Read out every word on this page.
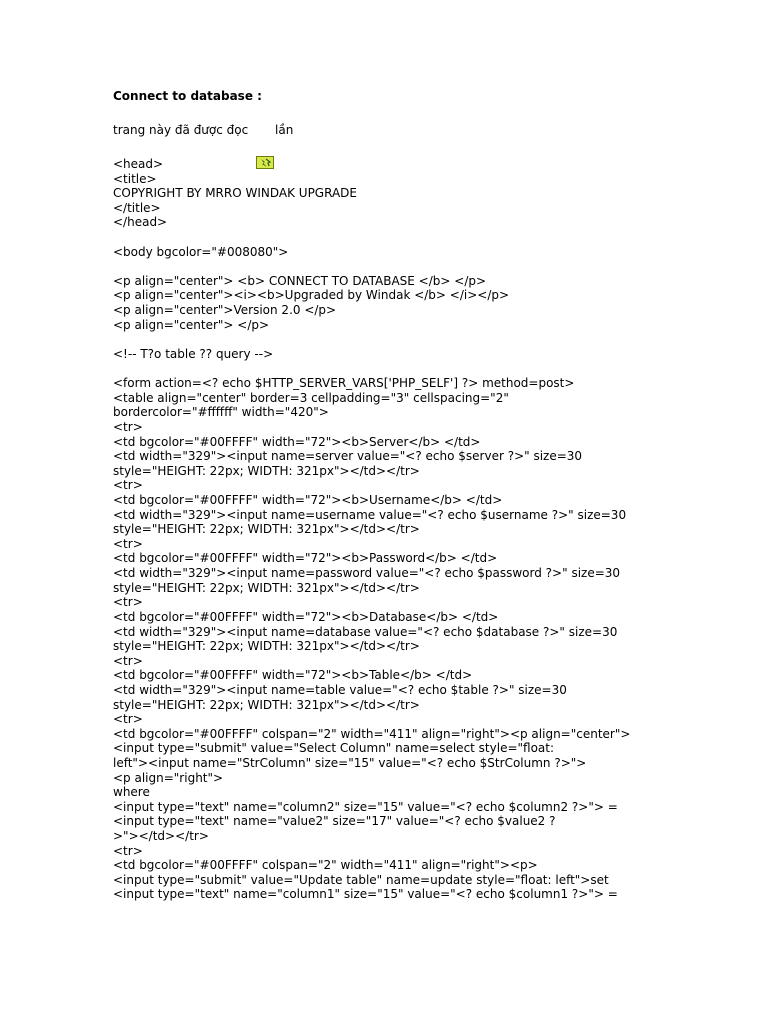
Connect to database :
trang này đã được đọc

lần
<head>
<title>
COPYRIGHT BY MRRO WINDAK UPGRADE
</title>
</head>
<body bgcolor="#008080">
<p align="center"> <b> CONNECT TO DATABASE </b> </p>
<p align="center"><i><b>Upgraded by Windak </b> </i></p>
<p align="center">Version 2.0 </p>
<p align="center"> </p>
<!-- T?o table ?? query -->
<form action=<? echo $HTTP_SERVER_VARS['PHP_SELF'] ?> method=post>
<table align="center" border=3 cellpadding="3" cellspacing="2"
bordercolor="#ffffff" width="420">
<tr>
<td bgcolor="#00FFFF" width="72"><b>Server</b> </td>
<td width="329"><input name=server value="<? echo $server ?>" size=30
style="HEIGHT: 22px; WIDTH: 321px"></td></tr>
<tr>
<td bgcolor="#00FFFF" width="72"><b>Username</b> </td>
<td width="329"><input name=username value="<? echo $username ?>" size=30
style="HEIGHT: 22px; WIDTH: 321px"></td></tr>
<tr>
<td bgcolor="#00FFFF" width="72"><b>Password</b> </td>
<td width="329"><input name=password value="<? echo $password ?>" size=30
style="HEIGHT: 22px; WIDTH: 321px"></td></tr>
<tr>
<td bgcolor="#00FFFF" width="72"><b>Database</b> </td>
<td width="329"><input name=database value="<? echo $database ?>" size=30
style="HEIGHT: 22px; WIDTH: 321px"></td></tr>
<tr>
<td bgcolor="#00FFFF" width="72"><b>Table</b> </td>
<td width="329"><input name=table value="<? echo $table ?>" size=30
style="HEIGHT: 22px; WIDTH: 321px"></td></tr>
<tr>
<td bgcolor="#00FFFF" colspan="2" width="411" align="right"><p align="center">
<input type="submit" value="Select Column" name=select style="float:
left"><input name="StrColumn" size="15" value="<? echo $StrColumn ?>">
<p align="right">
where
<input type="text" name="column2" size="15" value="<? echo $column2 ?>"> =
<input type="text" name="value2" size="17" value="<? echo $value2 ?
>"></td></tr>
<tr>
<td bgcolor="#00FFFF" colspan="2" width="411" align="right"><p>
<input type="submit" value="Update table" name=update style="float: left">set
<input type="text" name="column1" size="15" value="<? echo $column1 ?>"> =
